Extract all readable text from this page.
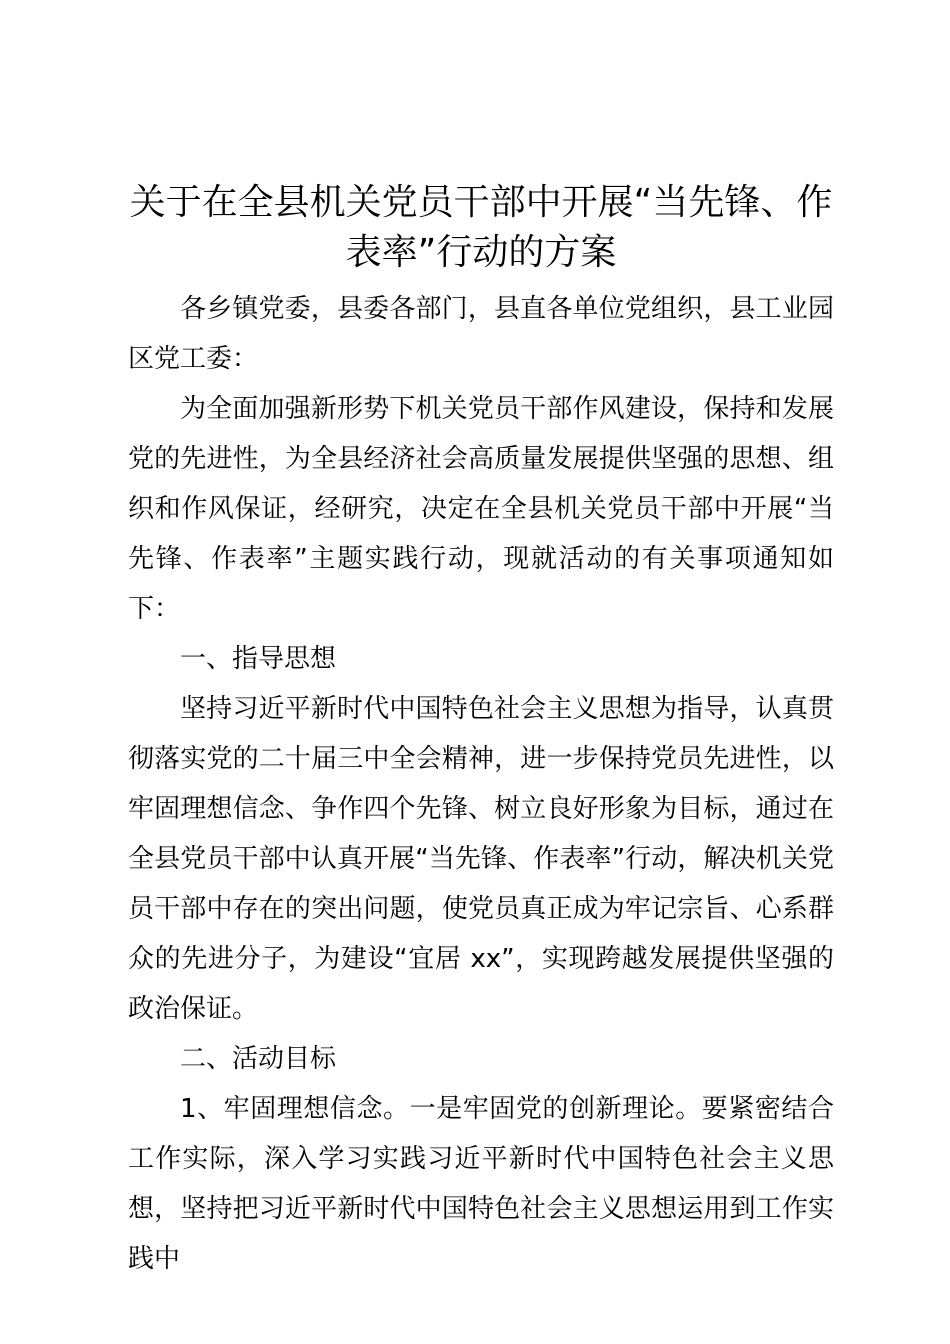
关于在全县机关党员干部中开展“当先锋、作表率”行动的方案

各乡镇党委，县委各部门，县直各单位党组织，县工业园区党工委：

为全面加强新形势下机关党员干部作风建设，保持和发展党的先进性，为全县经济社会高质量发展提供坚强的思想、组织和作风保证，经研究，决定在全县机关党员干部中开展“当先锋、作表率”主题实践行动，现就活动的有关事项通知如下：

一、指导思想

坚持习近平新时代中国特色社会主义思想为指导，认真贯彻落实党的二十届三中全会精神，进一步保持党员先进性，以牢固理想信念、争作四个先锋、树立良好形象为目标，通过在全县党员干部中认真开展“当先锋、作表率”行动，解决机关党员干部中存在的突出问题，使党员真正成为牢记宗旨、心系群众的先进分子，为建设“宜居 xx”，实现跨越发展提供坚强的政治保证。

二、活动目标

1、牢固理想信念。一是牢固党的创新理论。要紧密结合工作实际，深入学习实践习近平新时代中国特色社会主义思想，坚持把习近平新时代中国特色社会主义思想运用到工作实践中
